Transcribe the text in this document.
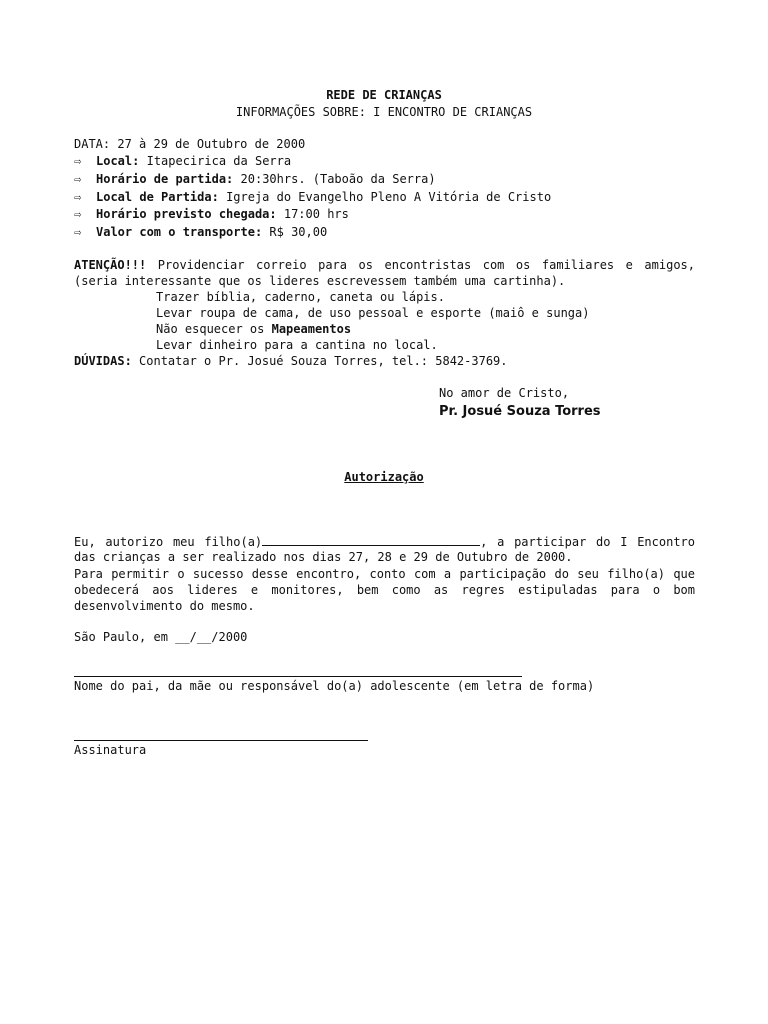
REDE DE CRIANÇAS
INFORMAÇÕES SOBRE: I ENCONTRO DE CRIANÇAS
DATA: 27 à 29 de Outubro de 2000
⇨ Local: Itapecirica da Serra
⇨ Horário de partida: 20:30hrs. (Taboão da Serra)
⇨ Local de Partida: Igreja do Evangelho Pleno A Vitória de Cristo
⇨ Horário previsto chegada: 17:00 hrs
⇨ Valor com o transporte: R$ 30,00
ATENÇÃO!!! Providenciar correio para os encontristas com os familiares e amigos,
(seria interessante que os lideres escrevessem também uma cartinha).
Trazer bíblia, caderno, caneta ou lápis.
Levar roupa de cama, de uso pessoal e esporte (maiô e sunga)
Não esquecer os Mapeamentos
Levar dinheiro para a cantina no local.
DÚVIDAS: Contatar o Pr. Josué Souza Torres, tel.: 5842-3769.
No amor de Cristo,
Pr. Josué Souza Torres
Autorização
Eu, autorizo meu filho(a)	, a participar do I Encontro
das crianças a ser realizado nos dias 27, 28 e 29 de Outubro de 2000.
Para permitir o sucesso desse encontro, conto com a participação do seu filho(a) que
obedecerá aos lideres e monitores, bem como as regres estipuladas para o bom
desenvolvimento do mesmo.
São Paulo, em __/__/2000
Nome do pai, da mãe ou responsável do(a) adolescente (em letra de forma)
Assinatura
